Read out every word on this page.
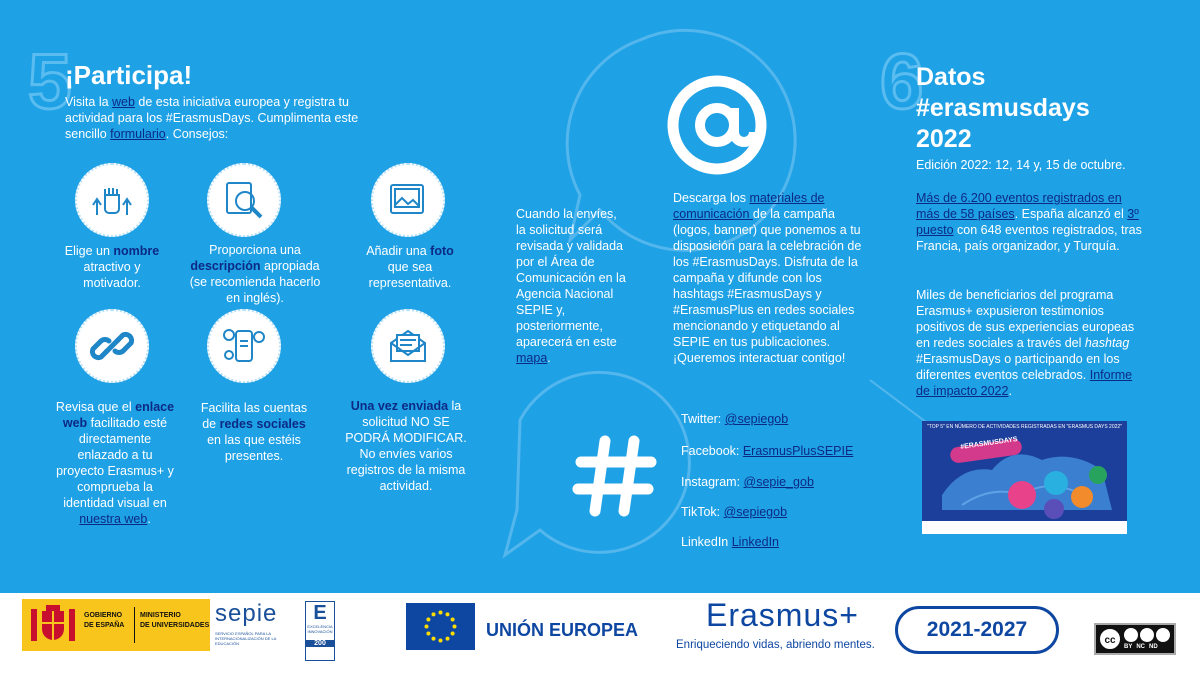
5	6
¡Participa!
Visita la web de esta iniciativa europea y registra tu actividad para los #ErasmusDays. Cumplimenta este sencillo formulario. Consejos:
Elige un nombre atractivo y motivador.
Proporciona una descripción apropiada (se recomienda hacerlo en inglés).
Añadir una foto que sea representativa.
Revisa que el enlace web facilitado esté directamente enlazado a tu proyecto Erasmus+ y comprueba la identidad visual en nuestra web.
Facilita las cuentas de redes sociales en las que estéis presentes.
Una vez enviada la solicitud NO SE PODRÁ MODIFICAR. No envíes varios registros de la misma actividad.
Cuando la envíes, la solicitud será revisada y validada por el Área de Comunicación en la Agencia Nacional SEPIE y, posteriormente, aparecerá en este mapa.
Descarga los materiales de comunicación de la campaña (logos, banner) que ponemos a tu disposición para la celebración de los #ErasmusDays. Disfruta de la campaña y difunde con los hashtags #ErasmusDays y #ErasmusPlus en redes sociales mencionando y etiquetando al SEPIE en tus publicaciones. ¡Queremos interactuar contigo!
Twitter: @sepiegob
Facebook: ErasmusPlusSEPIE
Instagram: @sepie_gob
TikTok: @sepiegob
LinkedIn LinkedIn
Datos
#erasmusdays
2022
Edición 2022: 12, 14 y, 15 de octubre.
Más de 6.200 eventos registrados en más de 58 países. España alcanzó el 3º puesto con 648 eventos registrados, tras Francia, país organizador, y Turquía.
Miles de beneficiarios del programa Erasmus+ expusieron testimonios positivos de sus experiencias europeas en redes sociales a través del hashtag #ErasmusDays o participando en los diferentes eventos celebrados. Informe de impacto 2022.
"TOP 5" EN NÚMERO DE ACTIVIDADES REGISTRADAS EN "ERASMUS DAYS 2022"
#ERASMUSDAYS
GOBIERNO
DE ESPAÑA
MINISTERIO
DE UNIVERSIDADES sepie
SERVICIO ESPAÑOL PARA LA INTERNACIONALIZACIÓN DE LA EDUCACIÓN
E
EXCELENCIA INNOVACIÓN
200
UNIÓN EUROPEA Erasmus+
Enriqueciendo vidas, abriendo mentes.
2021-2027	cc
BY NC ND
